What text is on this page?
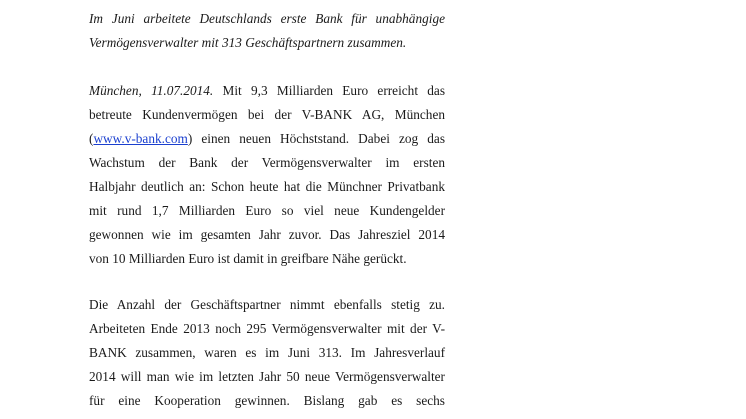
Im Juni arbeitete Deutschlands erste Bank für unabhängige
Vermögensverwalter mit 313 Geschäftspartnern zusammen.
München, 11.07.2014. Mit 9,3 Milliarden Euro erreicht das
betreute Kundenvermögen bei der V-BANK AG, München
(www.v-bank.com) einen neuen Höchststand. Dabei zog das
Wachstum der Bank der Vermögensverwalter im ersten
Halbjahr deutlich an: Schon heute hat die Münchner Privatbank
mit rund 1,7 Milliarden Euro so viel neue Kundengelder
gewonnen wie im gesamten Jahr zuvor. Das Jahresziel 2014
von 10 Milliarden Euro ist damit in greifbare Nähe gerückt.
Die Anzahl der Geschäftspartner nimmt ebenfalls stetig zu.
Arbeiteten Ende 2013 noch 295 Vermögensverwalter mit der V-
BANK zusammen, waren es im Juni 313. Im Jahresverlauf
2014 will man wie im letzten Jahr 50 neue Vermögensverwalter
für eine Kooperation gewinnen. Bislang gab es sechs
